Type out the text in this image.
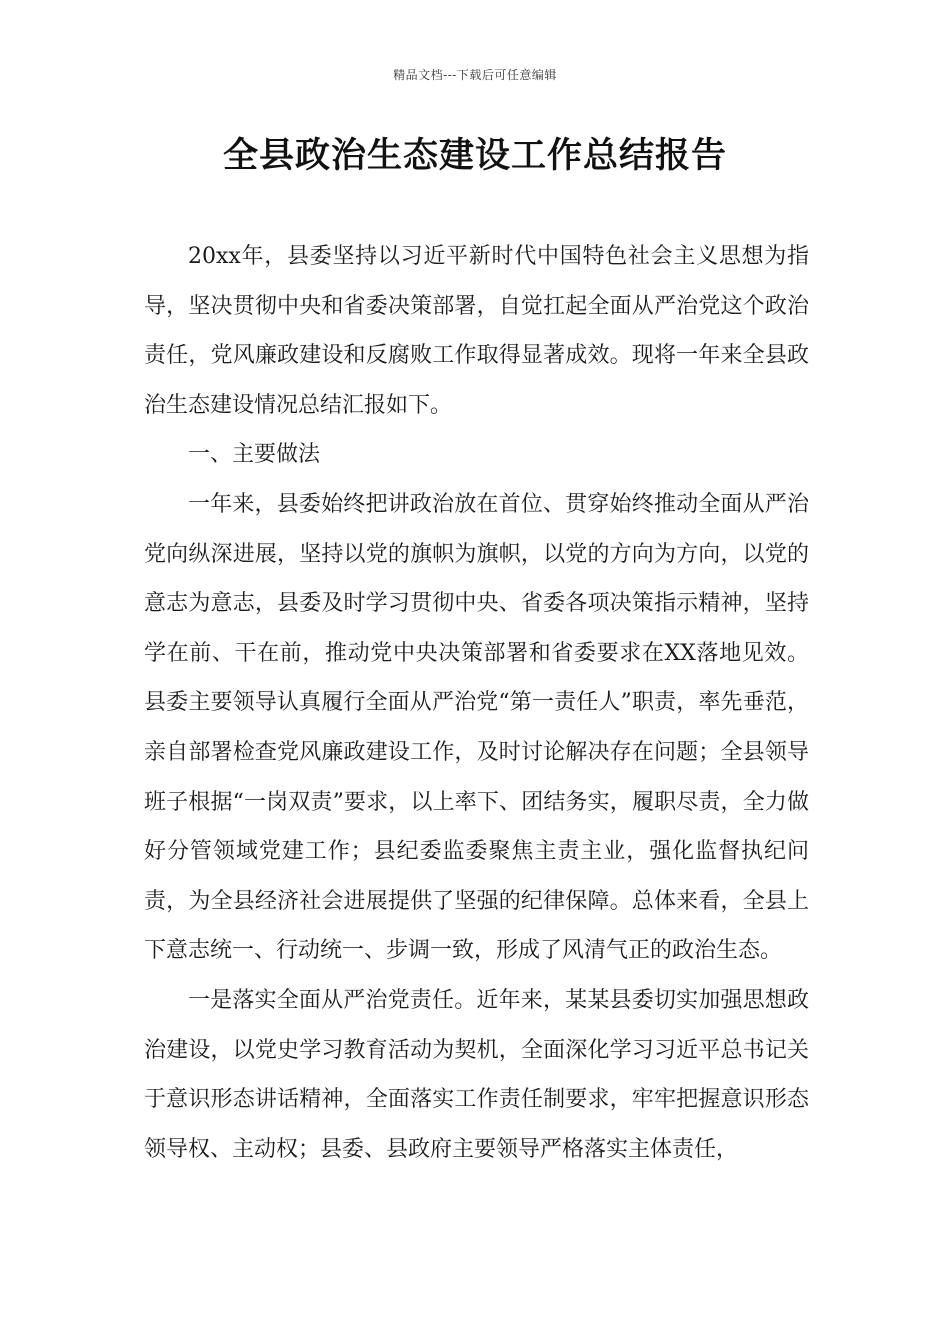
精品文档---下载后可任意编辑
全县政治生态建设工作总结报告

20xx年，县委坚持以习近平新时代中国特色社会主义思想为指导，坚决贯彻中央和省委决策部署，自觉扛起全面从严治党这个政治责任，党风廉政建设和反腐败工作取得显著成效。现将一年来全县政治生态建设情况总结汇报如下。

一、主要做法

一年来，县委始终把讲政治放在首位、贯穿始终推动全面从严治党向纵深进展，坚持以党的旗帜为旗帜，以党的方向为方向，以党的意志为意志，县委及时学习贯彻中央、省委各项决策指示精神，坚持学在前、干在前，推动党中央决策部署和省委要求在XX落地见效。县委主要领导认真履行全面从严治党“第一责任人”职责，率先垂范，亲自部署检查党风廉政建设工作，及时讨论解决存在问题；全县领导班子根据“一岗双责”要求，以上率下、团结务实，履职尽责，全力做好分管领域党建工作；县纪委监委聚焦主责主业，强化监督执纪问责，为全县经济社会进展提供了坚强的纪律保障。总体来看，全县上下意志统一、行动统一、步调一致，形成了风清气正的政治生态。

一是落实全面从严治党责任。近年来，某某县委切实加强思想政治建设，以党史学习教育活动为契机，全面深化学习习近平总书记关于意识形态讲话精神，全面落实工作责任制要求，牢牢把握意识形态领导权、主动权；县委、县政府主要领导严格落实主体责任，
